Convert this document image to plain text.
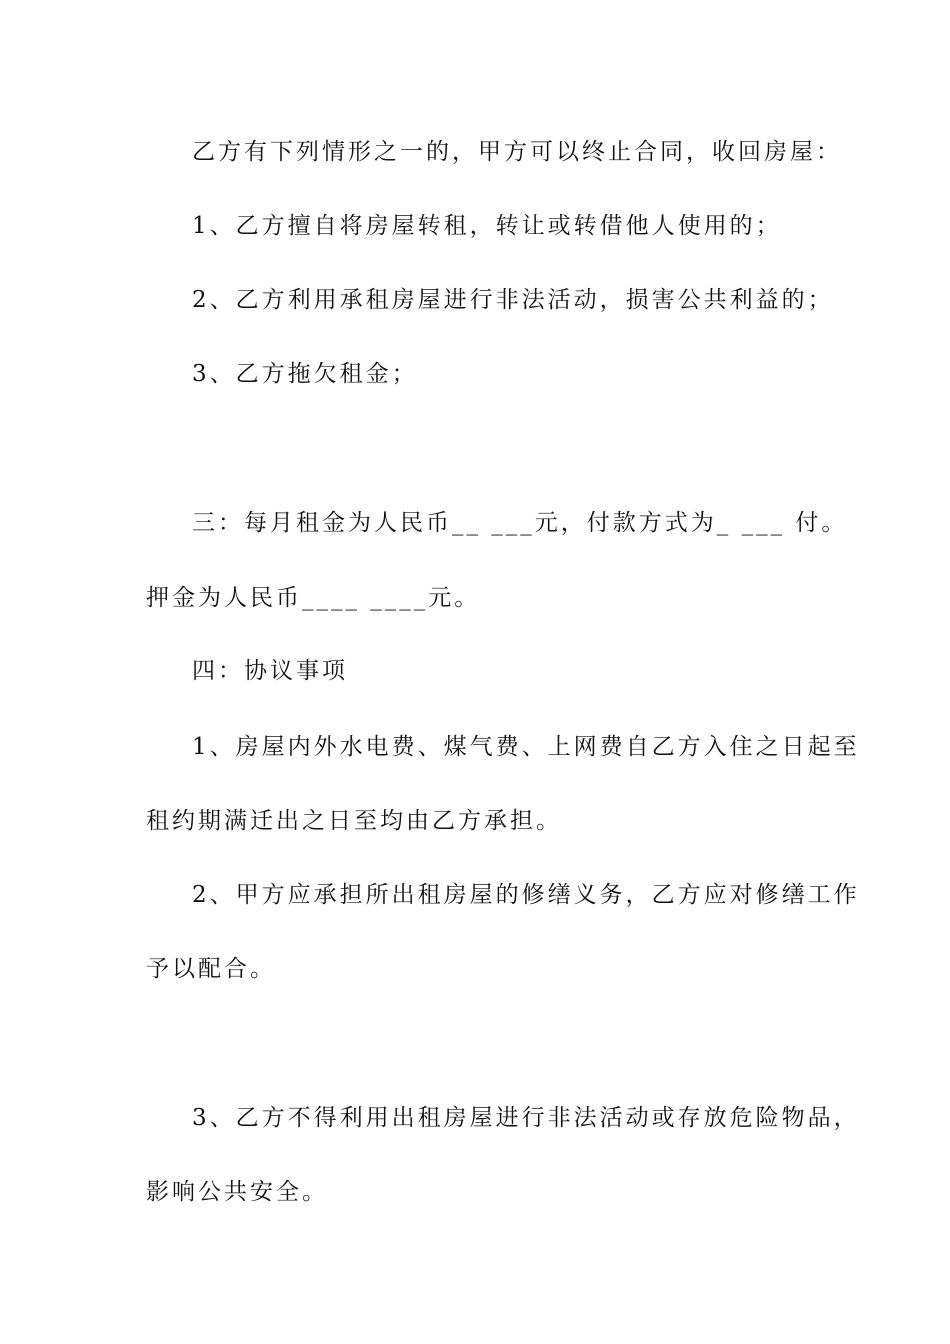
乙方有下列情形之一的，甲方可以终止合同，收回房屋：
1、乙方擅自将房屋转租，转让或转借他人使用的；
2、乙方利用承租房屋进行非法活动，损害公共利益的；
3、乙方拖欠租金；
三：每月租金为人民币__ ___元，付款方式为_ ___ 付。
押金为人民币____ ____元。
四：协议事项
1、房屋内外水电费、煤气费、上网费自乙方入住之日起至
租约期满迁出之日至均由乙方承担。
2、甲方应承担所出租房屋的修缮义务，乙方应对修缮工作
予以配合。
3、乙方不得利用出租房屋进行非法活动或存放危险物品，
影响公共安全。
